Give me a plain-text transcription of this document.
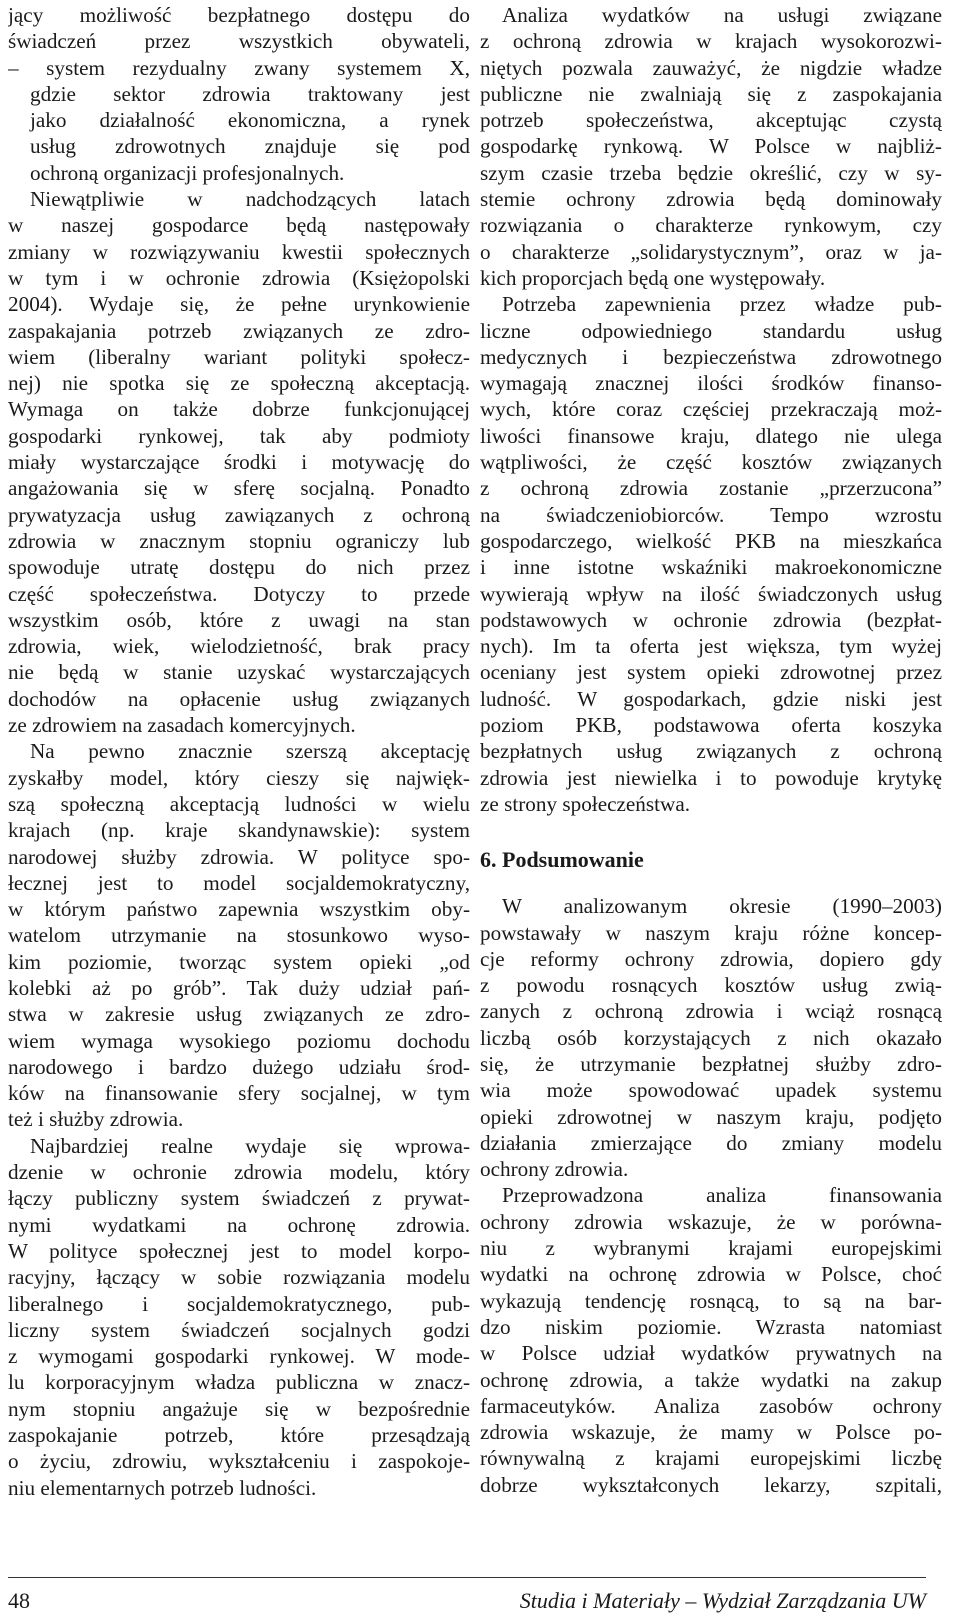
jący możliwość bezpłatnego dostępu do
świadczeń przez wszystkich obywateli,
– system rezydualny zwany systemem X,
gdzie sektor zdrowia traktowany jest
jako działalność ekonomiczna, a rynek
usług zdrowotnych znajduje się pod
ochroną organizacji profesjonalnych.
Niewątpliwie w nadchodzących latach
w naszej gospodarce będą następowały
zmiany w rozwiązywaniu kwestii społecznych
w tym i w ochronie zdrowia (Księżopolski
2004). Wydaje się, że pełne urynkowienie
zaspakajania potrzeb związanych ze zdro-
wiem (liberalny wariant polityki społecz-
nej) nie spotka się ze społeczną akceptacją.
Wymaga on także dobrze funkcjonującej
gospodarki rynkowej, tak aby podmioty
miały wystarczające środki i motywację do
angażowania się w sferę socjalną. Ponadto
prywatyzacja usług zawiązanych z ochroną
zdrowia w znacznym stopniu ograniczy lub
spowoduje utratę dostępu do nich przez
część społeczeństwa. Dotyczy to przede
wszystkim osób, które z uwagi na stan
zdrowia, wiek, wielodzietność, brak pracy
nie będą w stanie uzyskać wystarczających
dochodów na opłacenie usług związanych
ze zdrowiem na zasadach komercyjnych.
Na pewno znacznie szerszą akceptację
zyskałby model, który cieszy się najwięk-
szą społeczną akceptacją ludności w wielu
krajach (np. kraje skandynawskie): system
narodowej służby zdrowia. W polityce spo-
łecznej jest to model socjaldemokratyczny,
w którym państwo zapewnia wszystkim oby-
watelom utrzymanie na stosunkowo wyso-
kim poziomie, tworząc system opieki „od
kolebki aż po grób”. Tak duży udział pań-
stwa w zakresie usług związanych ze zdro-
wiem wymaga wysokiego poziomu dochodu
narodowego i bardzo dużego udziału środ-
ków na finansowanie sfery socjalnej, w tym
też i służby zdrowia.
Najbardziej realne wydaje się wprowa-
dzenie w ochronie zdrowia modelu, który
łączy publiczny system świadczeń z prywat-
nymi wydatkami na ochronę zdrowia.
W polityce społecznej jest to model korpo-
racyjny, łączący w sobie rozwiązania modelu
liberalnego i socjaldemokratycznego, pub-
liczny system świadczeń socjalnych godzi
z wymogami gospodarki rynkowej. W mode-
lu korporacyjnym władza publiczna w znacz-
nym stopniu angażuje się w bezpośrednie
zaspokajanie potrzeb, które przesądzają
o życiu, zdrowiu, wykształceniu i zaspokoje-
niu elementarnych potrzeb ludności.
Analiza wydatków na usługi związane
z ochroną zdrowia w krajach wysokorozwi-
niętych pozwala zauważyć, że nigdzie władze
publiczne nie zwalniają się z zaspokajania
potrzeb społeczeństwa, akceptując czystą
gospodarkę rynkową. W Polsce w najbliż-
szym czasie trzeba będzie określić, czy w sy-
stemie ochrony zdrowia będą dominowały
rozwiązania o charakterze rynkowym, czy
o charakterze „solidarystycznym”, oraz w ja-
kich proporcjach będą one występowały.
Potrzeba zapewnienia przez władze pub-
liczne odpowiedniego standardu usług
medycznych i bezpieczeństwa zdrowotnego
wymagają znacznej ilości środków finanso-
wych, które coraz częściej przekraczają moż-
liwości finansowe kraju, dlatego nie ulega
wątpliwości, że część kosztów związanych
z ochroną zdrowia zostanie „przerzucona”
na świadczeniobiorców. Tempo wzrostu
gospodarczego, wielkość PKB na mieszkańca
i inne istotne wskaźniki makroekonomiczne
wywierają wpływ na ilość świadczonych usług
podstawowych w ochronie zdrowia (bezpłat-
nych). Im ta oferta jest większa, tym wyżej
oceniany jest system opieki zdrowotnej przez
ludność. W gospodarkach, gdzie niski jest
poziom PKB, podstawowa oferta koszyka
bezpłatnych usług związanych z ochroną
zdrowia jest niewielka i to powoduje krytykę
ze strony społeczeństwa.
6. Podsumowanie
W analizowanym okresie (1990–2003)
powstawały w naszym kraju różne koncep-
cje reformy ochrony zdrowia, dopiero gdy
z powodu rosnących kosztów usług zwią-
zanych z ochroną zdrowia i wciąż rosnącą
liczbą osób korzystających z nich okazało
się, że utrzymanie bezpłatnej służby zdro-
wia może spowodować upadek systemu
opieki zdrowotnej w naszym kraju, podjęto
działania zmierzające do zmiany modelu
ochrony zdrowia.
Przeprowadzona analiza finansowania
ochrony zdrowia wskazuje, że w porówna-
niu z wybranymi krajami europejskimi
wydatki na ochronę zdrowia w Polsce, choć
wykazują tendencję rosnącą, to są na bar-
dzo niskim poziomie. Wzrasta natomiast
w Polsce udział wydatków prywatnych na
ochronę zdrowia, a także wydatki na zakup
farmaceutyków. Analiza zasobów ochrony
zdrowia wskazuje, że mamy w Polsce po-
równywalną z krajami europejskimi liczbę
dobrze wykształconych lekarzy, szpitali,
48	Studia i Materiały – Wydział Zarządzania UW
